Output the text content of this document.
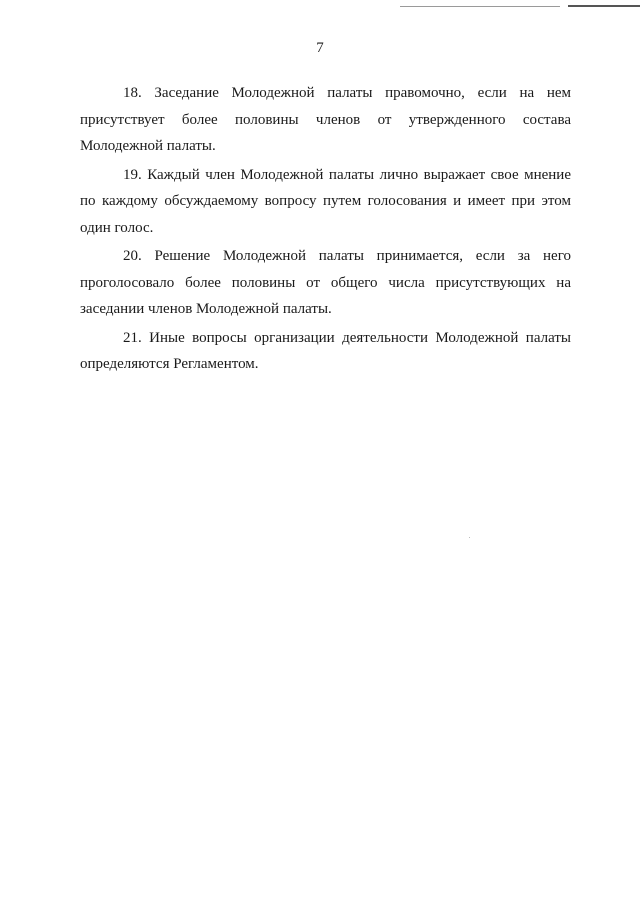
7

18. Заседание Молодежной палаты правомочно, если на нем присутствует более половины членов от утвержденного состава Молодежной палаты.

19. Каждый член Молодежной палаты лично выражает свое мнение по каждому обсуждаемому вопросу путем голосования и имеет при этом один голос.

20. Решение Молодежной палаты принимается, если за него проголосовало более половины от общего числа присутствующих на заседании членов Молодежной палаты.

21. Иные вопросы организации деятельности Молодежной палаты определяются Регламентом.
